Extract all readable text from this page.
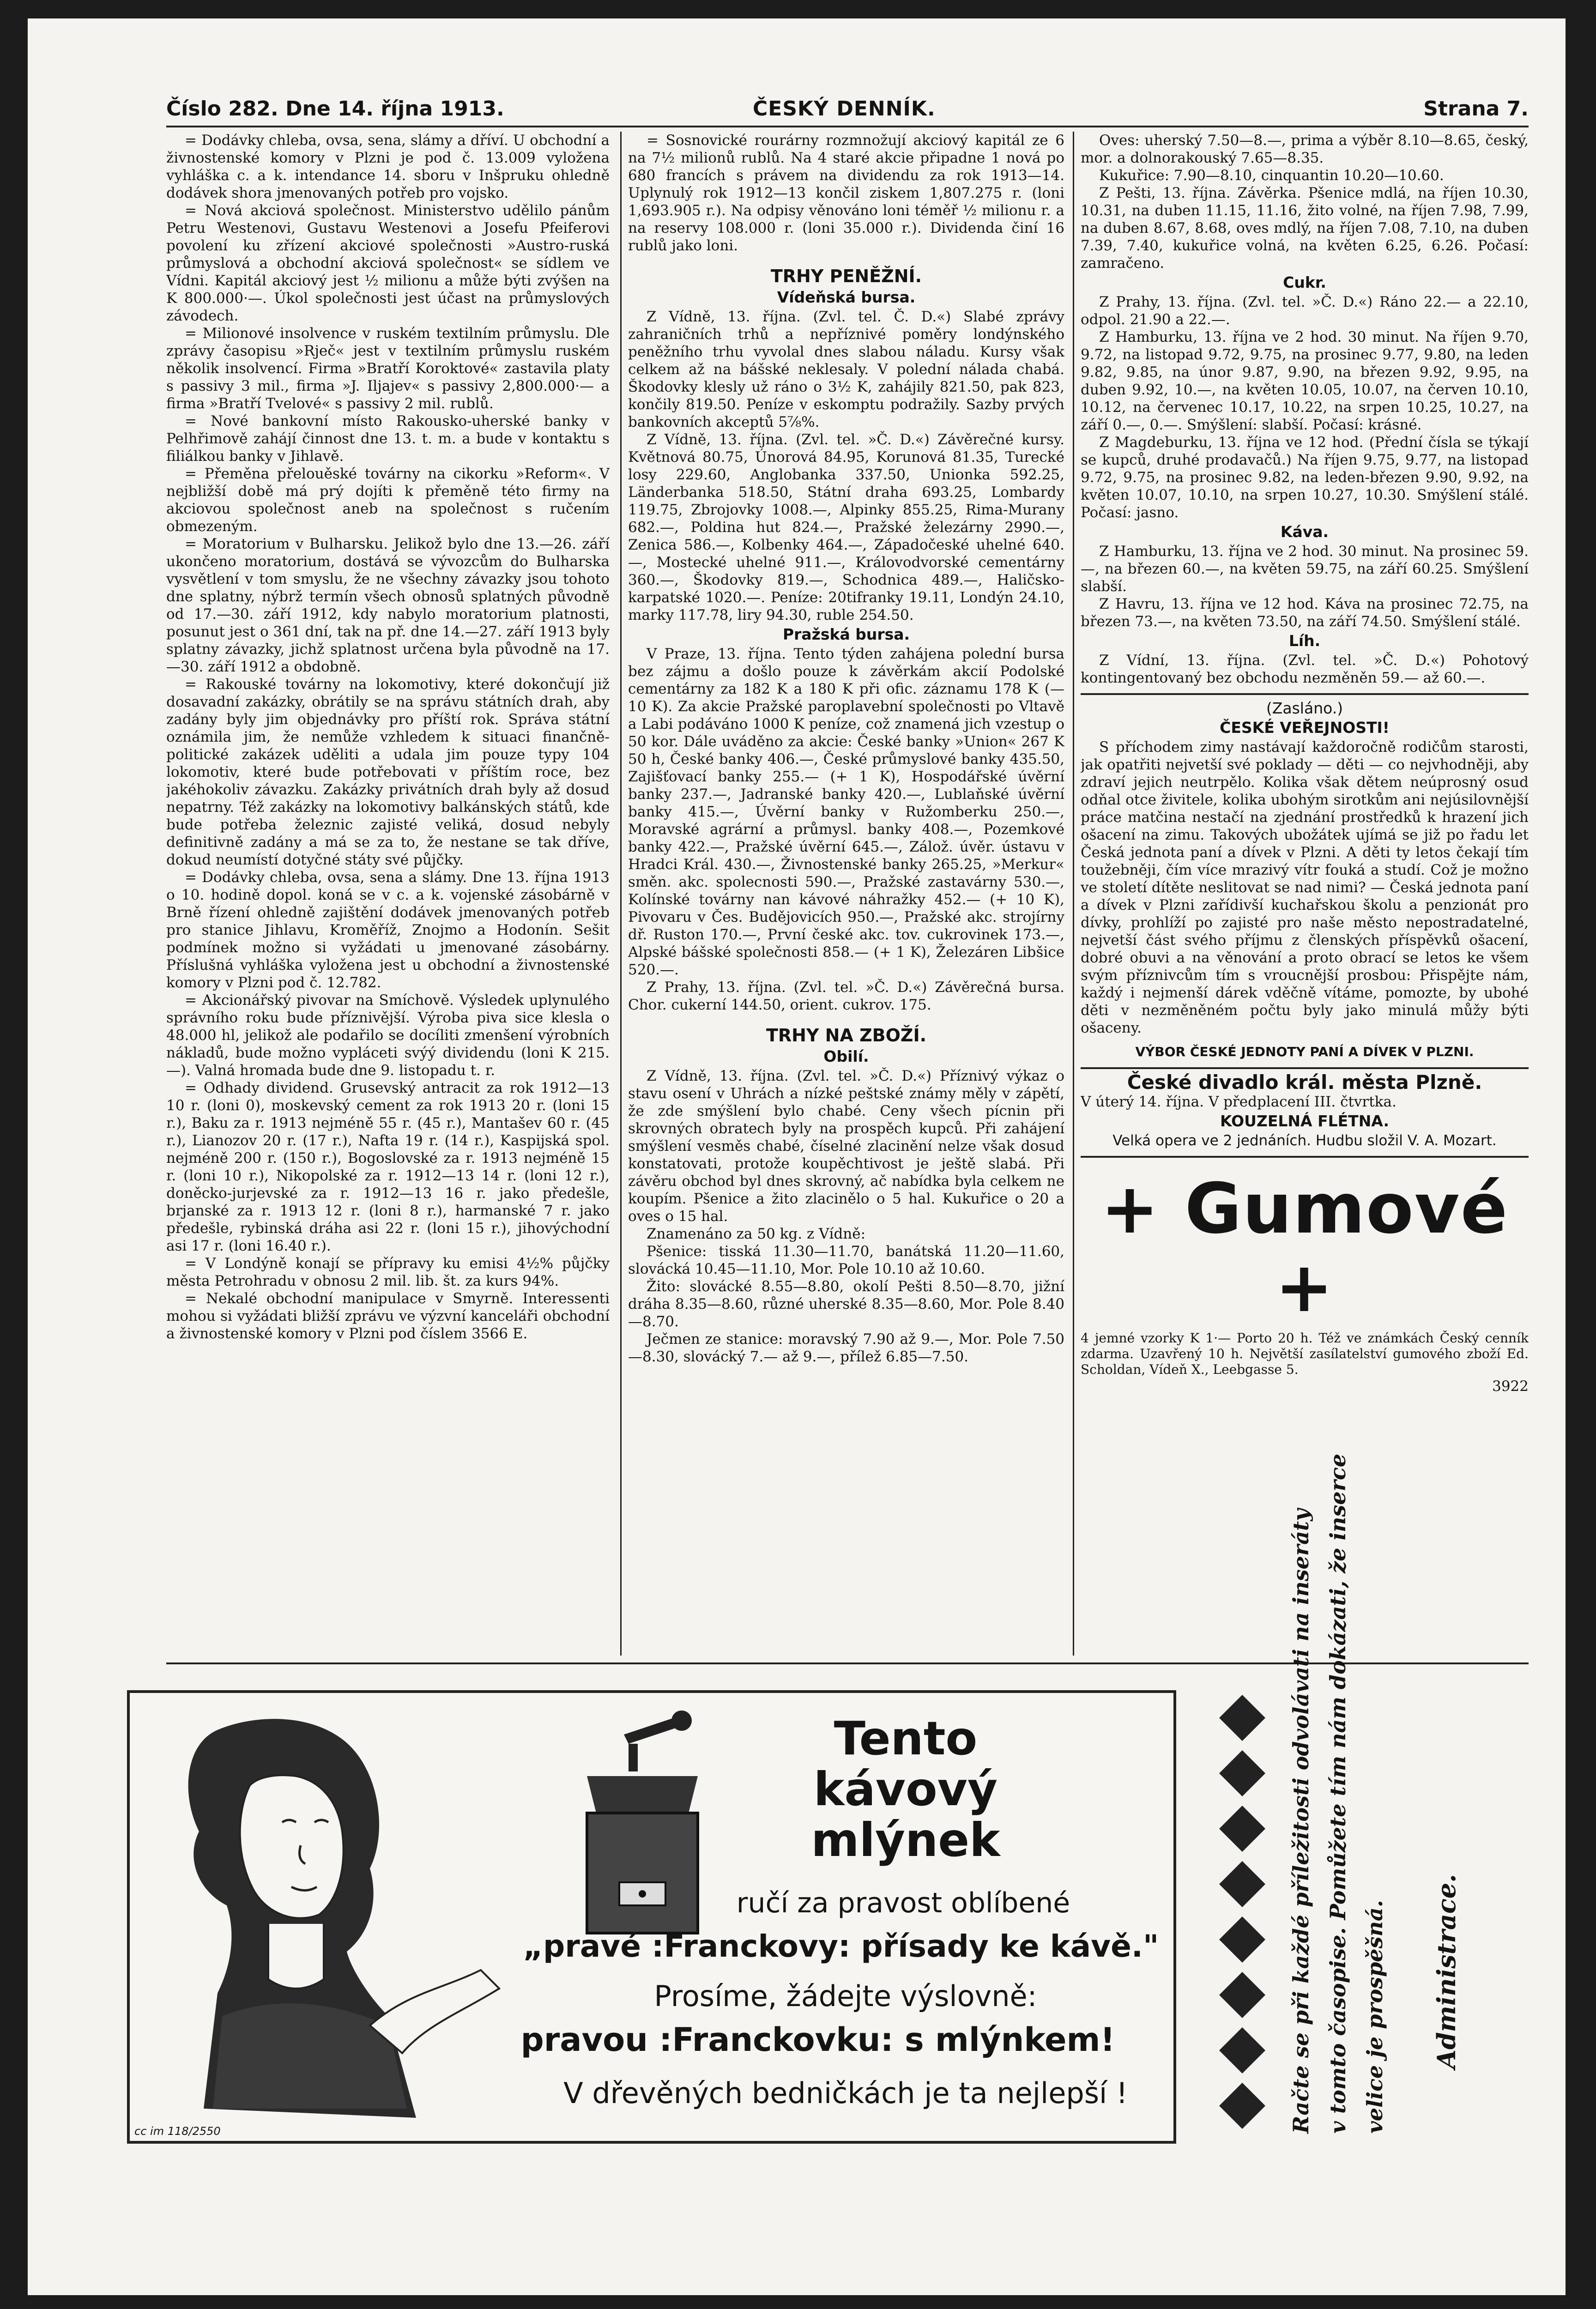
Číslo 282. Dne 14. října 1913.	ČESKÝ DENNÍK.	Strana 7.

= Dodávky chleba, ovsa, sena, slámy a dříví. U obchodní a živnostenské komory v Plzni je pod č. 13.009 vyložena vyhláška c. a k. intendance 14. sboru v Inšpruku ohledně dodávek shora jmenovaných potřeb pro vojsko.

= Nová akciová společnost. Ministerstvo udělilo pánům Petru Westenovi, Gustavu Westenovi a Josefu Pfeiferovi povolení ku zřízení akciové společnosti »Austro-ruská průmyslová a obchodní akciová společnost« se sídlem ve Vídni. Kapitál akciový jest ½ milionu a může býti zvýšen na K 800.000·—. Úkol společnosti jest účast na průmyslových závodech.

= Milionové insolvence v ruském textilním průmyslu. Dle zprávy časopisu »Rječ« jest v textilním průmyslu ruském několik insolvencí. Firma »Bratří Koroktové« zastavila platy s passivy 3 mil., firma »J. Iljajev« s passivy 2,800.000·— a firma »Bratří Tvelové« s passivy 2 mil. rublů.

= Nové bankovní místo Rakousko-uherské banky v Pelhřimově zahájí činnost dne 13. t. m. a bude v kontaktu s filiálkou banky v Jihlavě.

= Přeměna přelouěské továrny na cikorku »Reform«. V nejbližší době má prý dojíti k přeměně této firmy na akciovou společnost aneb na společnost s ručením obmezeným.

= Moratorium v Bulharsku. Jelikož bylo dne 13.—26. září ukončeno moratorium, dostává se vývozcům do Bulharska vysvětlení v tom smyslu, že ne všechny závazky jsou tohoto dne splatny, nýbrž termín všech obnosů splatných původně od 17.—30. září 1912, kdy nabylo moratorium platnosti, posunut jest o 361 dní, tak na př. dne 14.—27. září 1913 byly splatny závazky, jichž splatnost určena byla původně na 17.—30. září 1912 a obdobně.

= Rakouské továrny na lokomotivy, které dokončují již dosavadní zakázky, obrátily se na správu státních drah, aby zadány byly jim objednávky pro příští rok. Správa státní oznámila jim, že nemůže vzhledem k situaci finančně-politické zakázek uděliti a udala jim pouze typy 104 lokomotiv, které bude potřebovati v příštím roce, bez jakéhokoliv závazku. Zakázky privátních drah byly až dosud nepatrny. Též zakázky na lokomotivy balkánských států, kde bude potřeba železnic zajisté veliká, dosud nebyly definitivně zadány a má se za to, že nestane se tak dříve, dokud neumístí dotyčné státy své půjčky.

= Dodávky chleba, ovsa, sena a slámy. Dne 13. října 1913 o 10. hodině dopol. koná se v c. a k. vojenské zásobárně v Brně řízení ohledně zajištění dodávek jmenovaných potřeb pro stanice Jihlavu, Kroměříž, Znojmo a Hodonín. Sešit podmínek možno si vyžádati u jmenované zásobárny. Příslušná vyhláška vyložena jest u obchodní a živnostenské komory v Plzni pod č. 12.782.

= Akcionářský pivovar na Smíchově. Výsledek uplynulého správního roku bude příznivější. Výroba piva sice klesla o 48.000 hl, jelikož ale podařilo se docíliti zmenšení výrobních nákladů, bude možno vypláceti svýý dividendu (loni K 215.—). Valná hromada bude dne 9. listopadu t. r.

= Odhady dividend. Grusevský antracit za rok 1912—13 10 r. (loni 0), moskevský cement za rok 1913 20 r. (loni 15 r.), Baku za r. 1913 nejméně 55 r. (45 r.), Mantašev 60 r. (45 r.), Lianozov 20 r. (17 r.), Nafta 19 r. (14 r.), Kaspijská spol. nejméně 200 r. (150 r.), Bogoslovské za r. 1913 nejméně 15 r. (loni 10 r.), Nikopolské za r. 1912—13 14 r. (loni 12 r.), doněcko-jurjevské za r. 1912—13 16 r. jako předešle, brjanské za r. 1913 12 r. (loni 8 r.), harmanské 7 r. jako předešle, rybinská dráha asi 22 r. (loni 15 r.), jihovýchodní asi 17 r. (loni 16.40 r.).

= V Londýně konají se přípravy ku emisi 4½% půjčky města Petrohradu v obnosu 2 mil. lib. št. za kurs 94%.

= Nekalé obchodní manipulace v Smyrně. Interessenti mohou si vyžádati bližší zprávu ve výzvní kanceláři obchodní a živnostenské komory v Plzni pod číslem 3566 E.

= Sosnovické rourárny rozmnožují akciový kapitál ze 6 na 7½ milionů rublů. Na 4 staré akcie připadne 1 nová po 680 francích s právem na dividendu za rok 1913—14. Uplynulý rok 1912—13 končil ziskem 1,807.275 r. (loni 1,693.905 r.). Na odpisy věnováno loni téměř ½ milionu r. a na reservy 108.000 r. (loni 35.000 r.). Dividenda činí 16 rublů jako loni.

TRHY PENĚŽNÍ.
Vídeňská bursa.

Z Vídně, 13. října. (Zvl. tel. Č. D.«) Slabé zprávy zahraničních trhů a nepříznivé poměry londýnského peněžního trhu vyvolal dnes slabou náladu. Kursy však celkem až na bášské neklesaly. V polední nálada chabá. Škodovky klesly už ráno o 3½ K, zahájily 821.50, pak 823, končily 819.50. Peníze v eskomptu podražily. Sazby prvých bankovních akceptů 5⅞%.

Z Vídně, 13. října. (Zvl. tel. »Č. D.«) Závěrečné kursy. Květnová 80.75, Únorová 84.95, Korunová 81.35, Turecké losy 229.60, Anglobanka 337.50, Unionka 592.25, Länderbanka 518.50, Státní draha 693.25, Lombardy 119.75, Zbrojovky 1008.—, Alpinky 855.25, Rima-Murany 682.—, Poldina hut 824.—, Pražské železárny 2990.—, Zenica 586.—, Kolbenky 464.—, Západočeské uhelné 640.—, Mostecké uhelné 911.—, Královodvorské cementárny 360.—, Škodovky 819.—, Schodnica 489.—, Haličsko-karpatské 1020.—. Peníze: 20tifranky 19.11, Londýn 24.10, marky 117.78, liry 94.30, ruble 254.50.

Pražská bursa.

V Praze, 13. října. Tento týden zahájena polední bursa bez zájmu a došlo pouze k závěrkám akcií Podolské cementárny za 182 K a 180 K při ofic. záznamu 178 K (— 10 K). Za akcie Pražské paroplavební společnosti po Vltavě a Labi podáváno 1000 K peníze, což znamená jich vzestup o 50 kor. Dále uváděno za akcie: České banky »Union« 267 K 50 h, České banky 406.—, České průmyslové banky 435.50, Zajišťovací banky 255.— (+ 1 K), Hospodářské úvěrní banky 237.—, Jadranské banky 420.—, Lublaňské úvěrní banky 415.—, Úvěrní banky v Ružomberku 250.—, Moravské agrární a průmysl. banky 408.—, Pozemkové banky 422.—, Pražské úvěrní 645.—, Zálož. úvěr. ústavu v Hradci Král. 430.—, Živnostenské banky 265.25, »Merkur« směn. akc. spolecnosti 590.—, Pražské zastavárny 530.—, Kolínské továrny nan kávové náhražky 452.— (+ 10 K), Pivovaru v Čes. Budějovicích 950.—, Pražské akc. strojírny dř. Ruston 170.—, První české akc. tov. cukrovinek 173.—, Alpské bášské společnosti 858.— (+ 1 K), Železáren Libšice 520.—.

Z Prahy, 13. října. (Zvl. tel. »Č. D.«) Závěrečná bursa. Chor. cukerní 144.50, orient. cukrov. 175.

TRHY NA ZBOŽÍ.
Obilí.

Z Vídně, 13. října. (Zvl. tel. »Č. D.«) Příznivý výkaz o stavu osení v Uhrách a nízké peštské známy měly v zápětí, že zde smýšlení bylo chabé. Ceny všech pícnin při skrovných obratech byly na prospěch kupců. Při zahájení smýšlení vesměs chabé, číselné zlacinění nelze však dosud konstatovati, protože koupěchtivost je ještě slabá. Při závěru obchod byl dnes skrovný, ač nabídka byla celkem ne koupím. Pšenice a žito zlacinělo o 5 hal. Kukuřice o 20 a oves o 15 hal.

Znamenáno za 50 kg. z Vídně:

Pšenice: tisská 11.30—11.70, banátská 11.20—11.60, slovácká 10.45—11.10, Mor. Pole 10.10 až 10.60.

Žito: slovácké 8.55—8.80, okolí Pešti 8.50—8.70, jižní dráha 8.35—8.60, různé uherské 8.35—8.60, Mor. Pole 8.40—8.70.

Ječmen ze stanice: moravský 7.90 až 9.—, Mor. Pole 7.50—8.30, slovácký 7.— až 9.—, přílež 6.85—7.50.

Oves: uherský 7.50—8.—, prima a výběr 8.10—8.65, český, mor. a dolnorakouský 7.65—8.35.

Kukuřice: 7.90—8.10, cinquantin 10.20—10.60.

Z Pešti, 13. října. Závěrka. Pšenice mdlá, na říjen 10.30, 10.31, na duben 11.15, 11.16, žito volné, na říjen 7.98, 7.99, na duben 8.67, 8.68, oves mdlý, na říjen 7.08, 7.10, na duben 7.39, 7.40, kukuřice volná, na květen 6.25, 6.26. Počasí: zamračeno.

Cukr.

Z Prahy, 13. října. (Zvl. tel. »Č. D.«) Ráno 22.— a 22.10, odpol. 21.90 a 22.—.

Z Hamburku, 13. října ve 2 hod. 30 minut. Na říjen 9.70, 9.72, na listopad 9.72, 9.75, na prosinec 9.77, 9.80, na leden 9.82, 9.85, na únor 9.87, 9.90, na březen 9.92, 9.95, na duben 9.92, 10.—, na květen 10.05, 10.07, na červen 10.10, 10.12, na červenec 10.17, 10.22, na srpen 10.25, 10.27, na září 0.—, 0.—. Smýšlení: slabší. Počasí: krásné.

Z Magdeburku, 13. října ve 12 hod. (Přední čísla se týkají se kupců, druhé prodavačů.) Na říjen 9.75, 9.77, na listopad 9.72, 9.75, na prosinec 9.82, na leden-březen 9.90, 9.92, na květen 10.07, 10.10, na srpen 10.27, 10.30. Smýšlení stálé. Počasí: jasno.

Káva.

Z Hamburku, 13. října ve 2 hod. 30 minut. Na prosinec 59.—, na březen 60.—, na květen 59.75, na září 60.25. Smýšlení slabší.

Z Havru, 13. října ve 12 hod. Káva na prosinec 72.75, na březen 73.—, na květen 73.50, na září 74.50. Smýšlení stálé.

Líh.

Z Vídní, 13. října. (Zvl. tel. »Č. D.«) Pohotový kontingentovaný bez obchodu nezměněn 59.— až 60.—.

(Zasláno.)
ČESKÉ VEŘEJNOSTI!

S příchodem zimy nastávají každoročně rodičům starosti, jak opatřiti nejvetší své poklady — děti — co nejvhodněji, aby zdraví jejich neutrpělo. Kolika však dětem neúprosný osud odňal otce živitele, kolika ubohým sirotkům ani nejúsilovnější práce matčina nestačí na zjednání prostředků k hrazení jich ošacení na zimu. Takových ubožátek ujímá se již po řadu let Česká jednota paní a dívek v Plzni. A děti ty letos čekají tím toužebněji, čím více mrazivý vítr fouká a studí. Což je možno ve století dítěte neslitovat se nad nimi? — Česká jednota paní a dívek v Plzni zařídivší kuchařskou školu a penzionát pro dívky, prohlíží po zajisté pro naše město nepostradatelné, nejvetší část svého příjmu z členských příspěvků ošacení, dobré obuvi a na věnování a proto obrací se letos ke všem svým příznivcům tím s vroucnější prosbou: Přispějte nám, každý i nejmenší dárek vděčně vítáme, pomozte, by ubohé děti v nezměněném počtu byly jako minulá můžy býti ošaceny.

VÝBOR ČESKÉ JEDNOTY PANÍ A DÍVEK V PLZNI.
České divadlo král. města Plzně.

V úterý 14. října. V předplacení III. čtvrtka.

KOUZELNÁ FLÉTNA.

Velká opera ve 2 jednáních. Hudbu složil V. A. Mozart.

+ Gumové +

4 jemné vzorky K 1·— Porto 20 h. Též ve známkách Český cenník zdarma. Uzavřený 10 h. Největší zasílatelství gumového zboží Ed. Scholdan, Vídeň X., Leebgasse 5.

3922

Tento
kávový
mlýnek
ručí za pravost oblíbené
„pravé :Franckovy: přísady ke kávě."
Prosíme, žádejte výslovně:
pravou :Franckovku: s mlýnkem!
V dřevěných bedničkách je ta nejlepší !
cc im 118/2550	Račte se při každé příležitosti odvolávati na inseráty v tomto časopise. Pomůžete tím nám dokázati, že inserce velice je prospěšná. Administrace.
